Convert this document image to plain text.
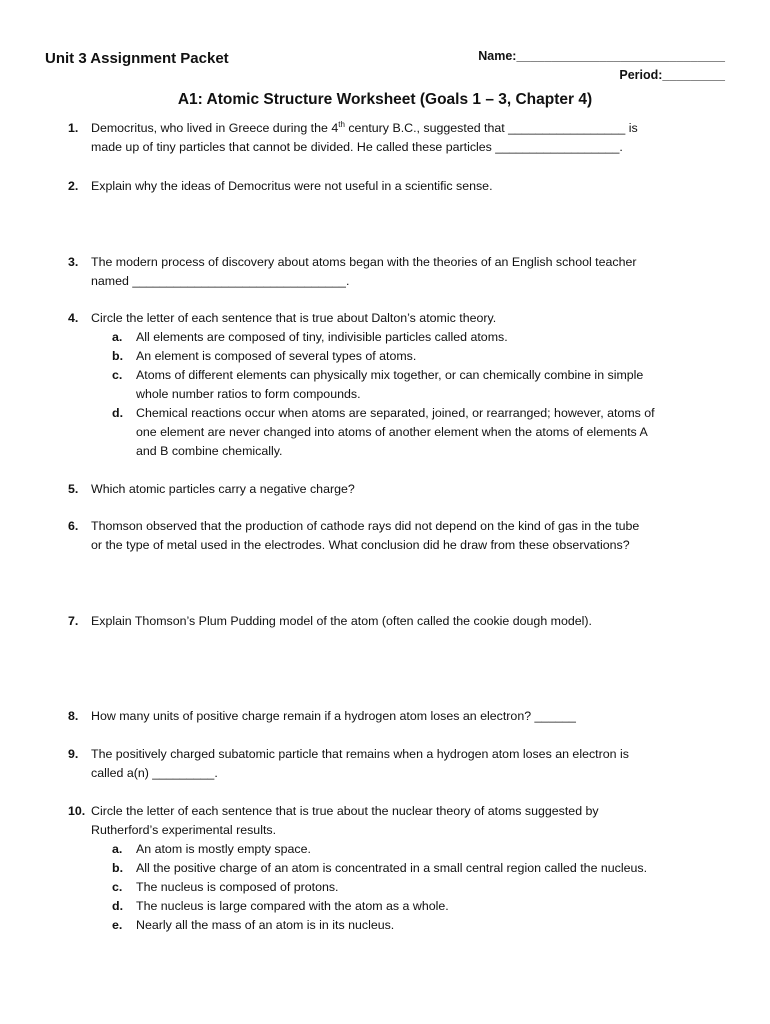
Unit 3 Assignment Packet	Name:______________________________
Period:_________
A1: Atomic Structure Worksheet (Goals 1 – 3, Chapter 4)
1. Democritus, who lived in Greece during the 4th century B.C., suggested that _________________ is
made up of tiny particles that cannot be divided. He called these particles __________________.
2. Explain why the ideas of Democritus were not useful in a scientific sense.
3. The modern process of discovery about atoms began with the theories of an English school teacher
named _______________________________.
4. Circle the letter of each sentence that is true about Dalton’s atomic theory.
a. All elements are composed of tiny, indivisible particles called atoms.
b. An element is composed of several types of atoms.
c. Atoms of different elements can physically mix together, or can chemically combine in simple
whole number ratios to form compounds.
d. Chemical reactions occur when atoms are separated, joined, or rearranged; however, atoms of
one element are never changed into atoms of another element when the atoms of elements A
and B combine chemically.
5. Which atomic particles carry a negative charge?
6. Thomson observed that the production of cathode rays did not depend on the kind of gas in the tube
or the type of metal used in the electrodes. What conclusion did he draw from these observations?
7. Explain Thomson’s Plum Pudding model of the atom (often called the cookie dough model).
8. How many units of positive charge remain if a hydrogen atom loses an electron? ______
9. The positively charged subatomic particle that remains when a hydrogen atom loses an electron is
called a(n) _________.
10. Circle the letter of each sentence that is true about the nuclear theory of atoms suggested by
Rutherford’s experimental results.
a. An atom is mostly empty space.
b. All the positive charge of an atom is concentrated in a small central region called the nucleus.
c. The nucleus is composed of protons.
d. The nucleus is large compared with the atom as a whole.
e. Nearly all the mass of an atom is in its nucleus.
